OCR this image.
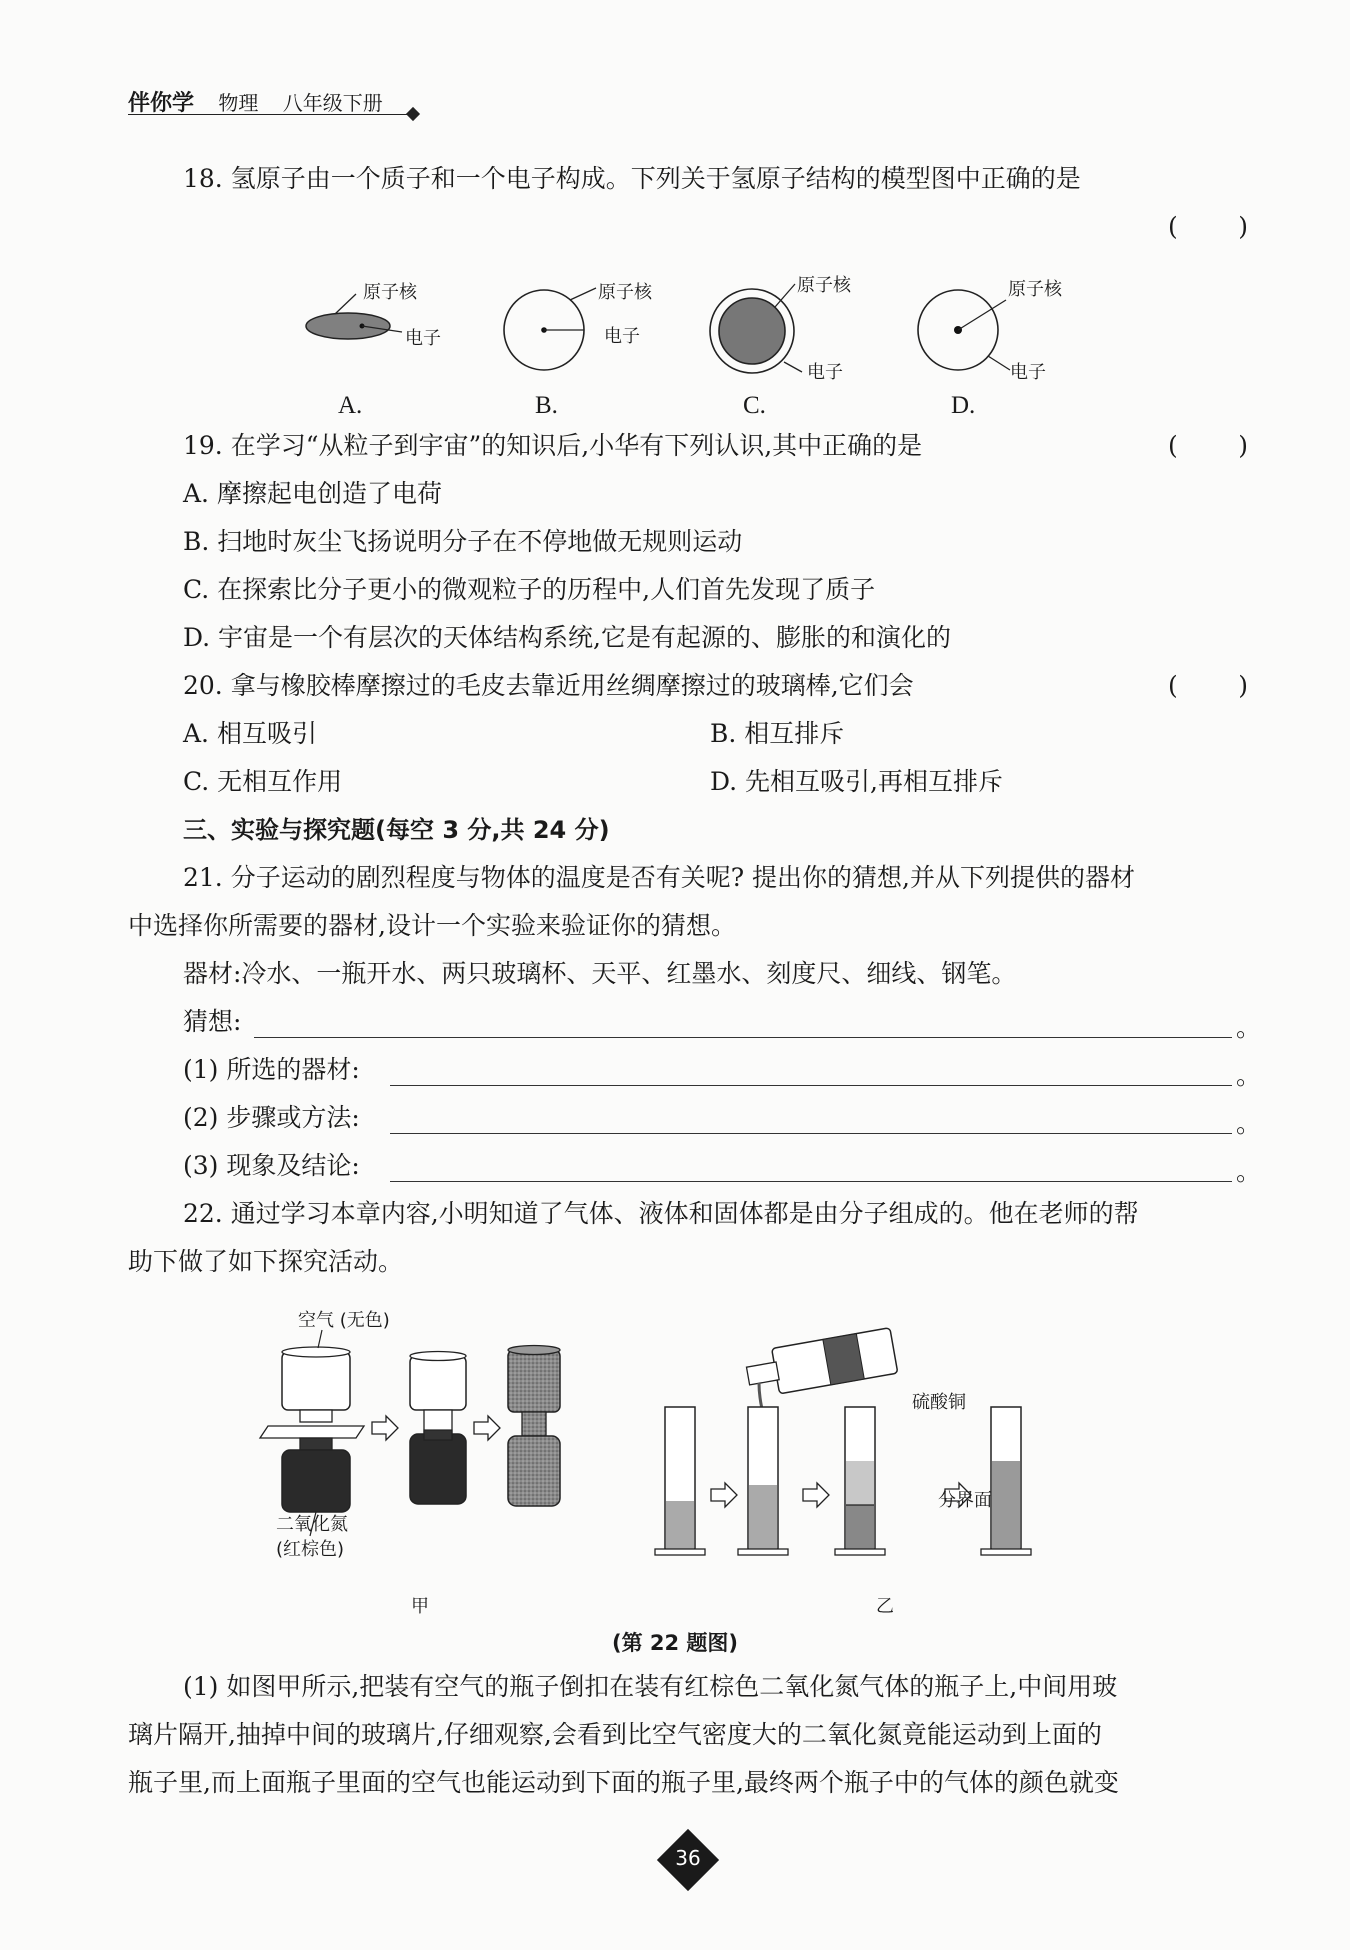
伴你学 物理 八年级下册
18. 氢原子由一个质子和一个电子构成。下列关于氢原子结构的模型图中正确的是
( )
原子核
电子
原子核
电子
原子核
电子
原子核
电子
A.	B.	C.	D.
19. 在学习“从粒子到宇宙”的知识后,小华有下列认识,其中正确的是	( )
A. 摩擦起电创造了电荷
B. 扫地时灰尘飞扬说明分子在不停地做无规则运动
C. 在探索比分子更小的微观粒子的历程中,人们首先发现了质子
D. 宇宙是一个有层次的天体结构系统,它是有起源的、膨胀的和演化的
20. 拿与橡胶棒摩擦过的毛皮去靠近用丝绸摩擦过的玻璃棒,它们会	( )
A. 相互吸引	B. 相互排斥
C. 无相互作用	D. 先相互吸引,再相互排斥
三、实验与探究题(每空 3 分,共 24 分)
21. 分子运动的剧烈程度与物体的温度是否有关呢? 提出你的猜想,并从下列提供的器材
中选择你所需要的器材,设计一个实验来验证你的猜想。
器材:冷水、一瓶开水、两只玻璃杯、天平、红墨水、刻度尺、细线、钢笔。
猜想:	。
(1) 所选的器材:	。
(2) 步骤或方法:	。
(3) 现象及结论:	。
22. 通过学习本章内容,小明知道了气体、液体和固体都是由分子组成的。他在老师的帮
助下做了如下探究活动。
空气 (无色)
二氧化氮
(红棕色)
甲
硫酸铜
分界面
乙
(第 22 题图)
(1) 如图甲所示,把装有空气的瓶子倒扣在装有红棕色二氧化氮气体的瓶子上,中间用玻
璃片隔开,抽掉中间的玻璃片,仔细观察,会看到比空气密度大的二氧化氮竟能运动到上面的
瓶子里,而上面瓶子里面的空气也能运动到下面的瓶子里,最终两个瓶子中的气体的颜色就变
36
